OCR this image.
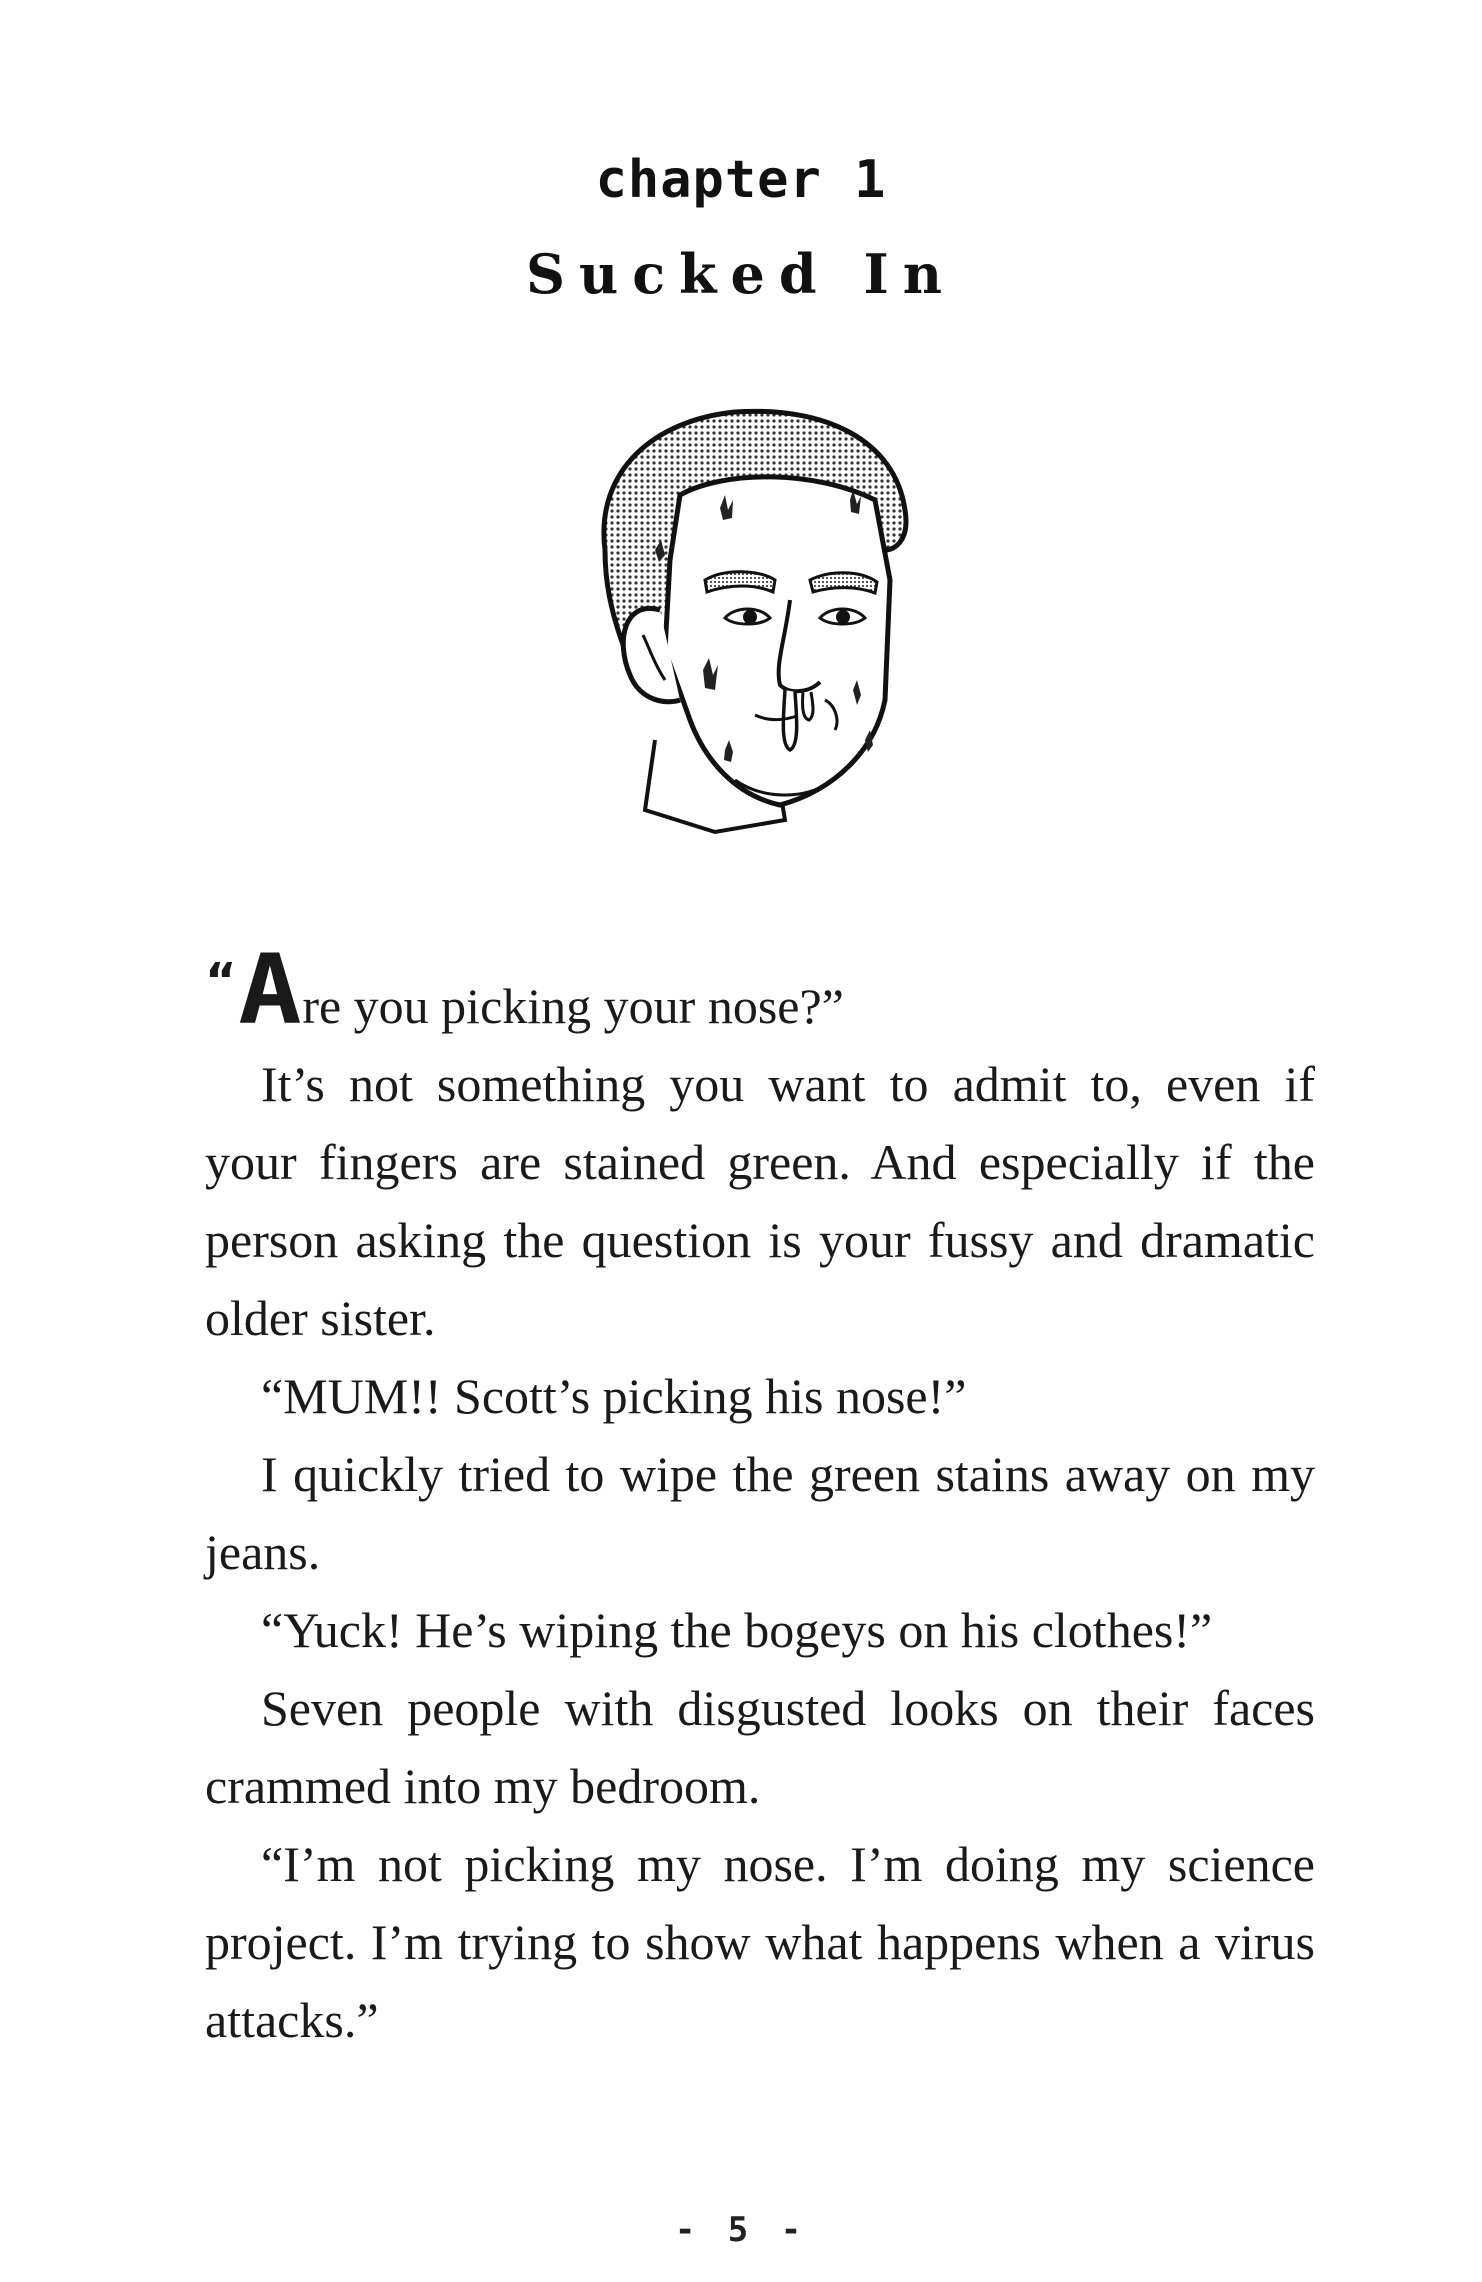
chapter 1
Sucked In

“Are you picking your nose?”

It’s not something you want to admit to, even if your fingers are stained green. And especially if the person asking the question is your fussy and dramatic older sister.

“MUM!! Scott’s picking his nose!”

I quickly tried to wipe the green stains away on my jeans.

“Yuck! He’s wiping the bogeys on his clothes!”

Seven people with disgusted looks on their faces crammed into my bedroom.

“I’m not picking my nose. I’m doing my science project. I’m trying to show what happens when a virus attacks.”

- 5 -
